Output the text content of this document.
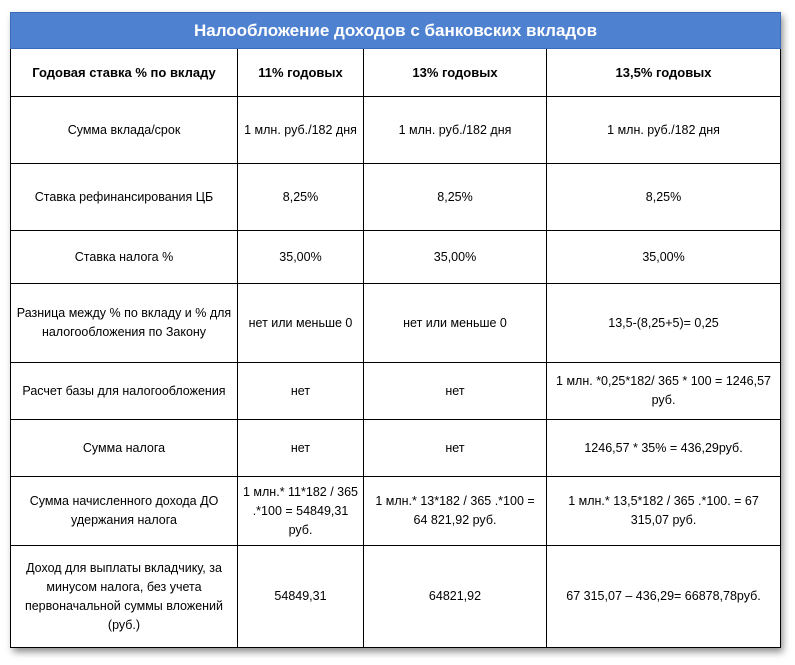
Налообложение доходов с банковских вкладов			
Годовая ставка % по вкладу	11% годовых	13% годовых	13,5% годовых
Сумма вклада/срок	1 млн. руб./182 дня	1 млн. руб./182 дня	1 млн. руб./182 дня
Ставка рефинансирования ЦБ	8,25%	8,25%	8,25%
Ставка налога %	35,00%	35,00%	35,00%
Разница между % по вкладу и % для налогообложения по Закону	нет или меньше 0	нет или меньше 0	13,5-(8,25+5)= 0,25
Расчет базы для налогообложения	нет	нет	1 млн. *0,25*182/ 365 * 100 = 1246,57 руб.
Сумма налога	нет	нет	1246,57 * 35% = 436,29руб.
Сумма начисленного дохода ДО удержания налога	1 млн.* 11*182 / 365 .*100 = 54849,31 руб.	1 млн.* 13*182 / 365 .*100 = 64 821,92 руб.	1 млн.* 13,5*182 / 365 .*100. = 67 315,07 руб.
Доход для выплаты вкладчику, за минусом налога, без учета первоначальной суммы вложений (руб.)	54849,31	64821,92	67 315,07 – 436,29= 66878,78руб.
